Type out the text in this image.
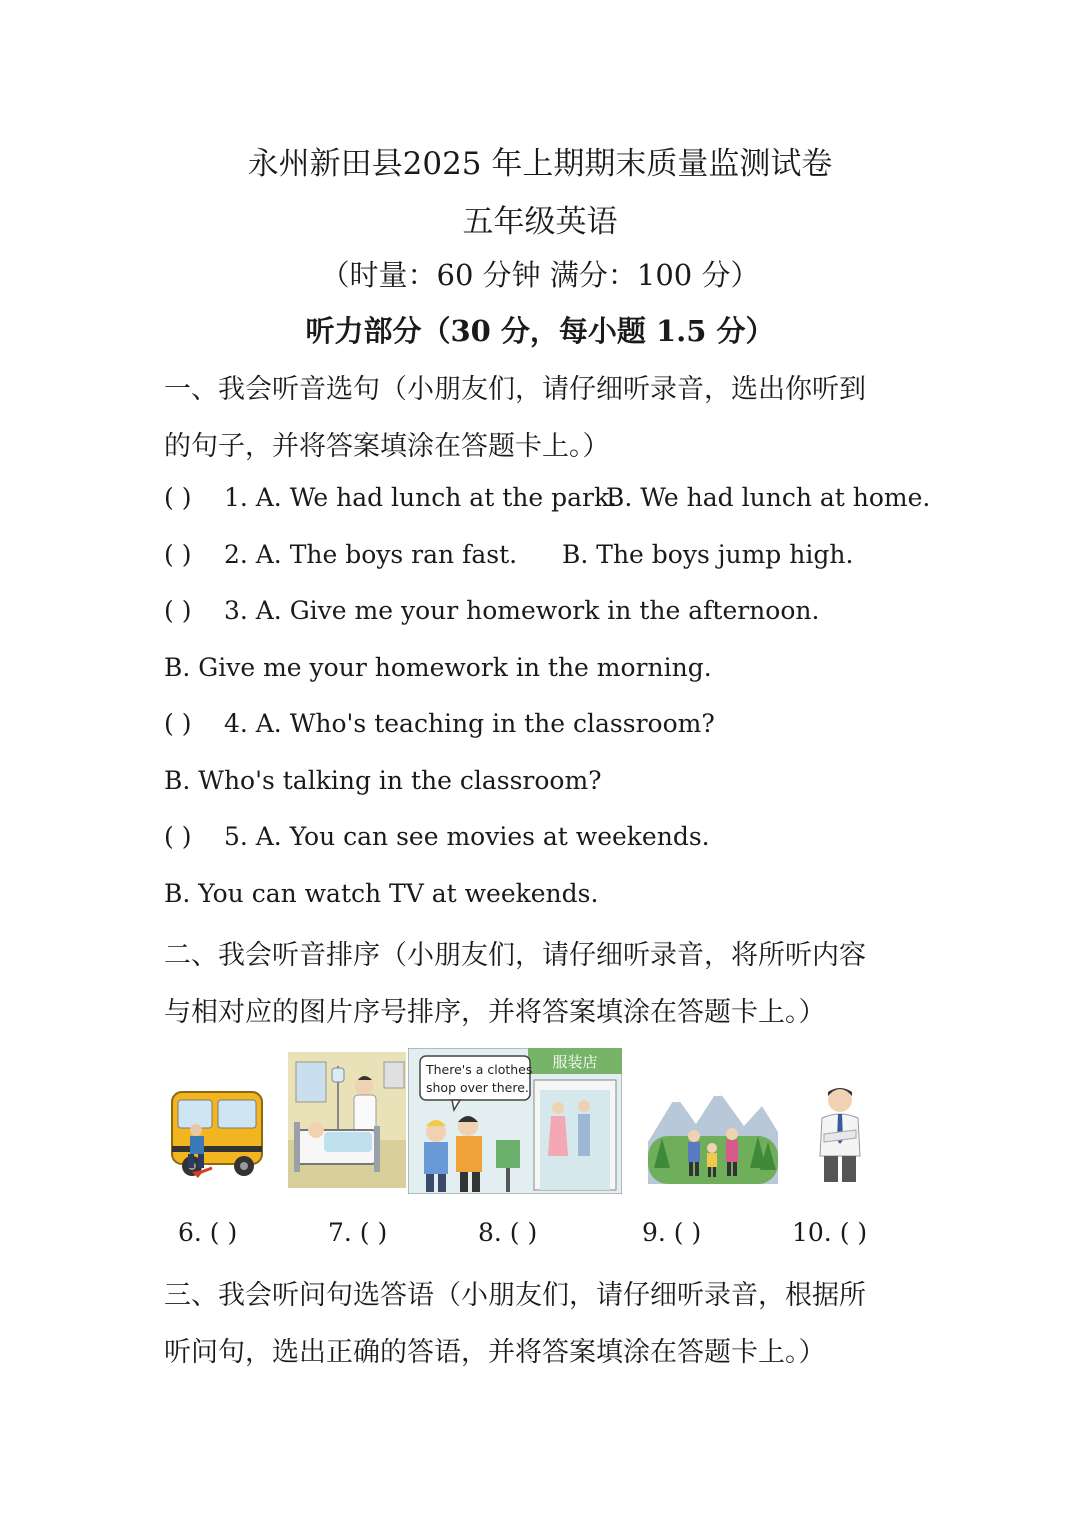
永州新田县2025 年上期期末质量监测试卷
五年级英语
（时量：60 分钟 满分：100 分）
听力部分（30 分，每小题 1.5 分）
一、我会听音选句（小朋友们，请仔细听录音，选出你听到
的句子，并将答案填涂在答题卡上。）
( ) 1. A. We had lunch at the park.
B. We had lunch at home.
( ) 2. A. The boys ran fast. B. The boys jump high.
( ) 3. A. Give me your homework in the afternoon.
B. Give me your homework in the morning.
( ) 4. A. Who's teaching in the classroom?
B. Who's talking in the classroom?
( ) 5. A. You can see movies at weekends.
B. You can watch TV at weekends.
二、我会听音排序（小朋友们，请仔细听录音，将所听内容
与相对应的图片序号排序，并将答案填涂在答题卡上。）
服装店
There's a clothes
shop over there.
6. ( )	7. ( )	8. ( )	9. ( )	10. ( )
三、我会听问句选答语（小朋友们，请仔细听录音，根据所
听问句，选出正确的答语，并将答案填涂在答题卡上。）
